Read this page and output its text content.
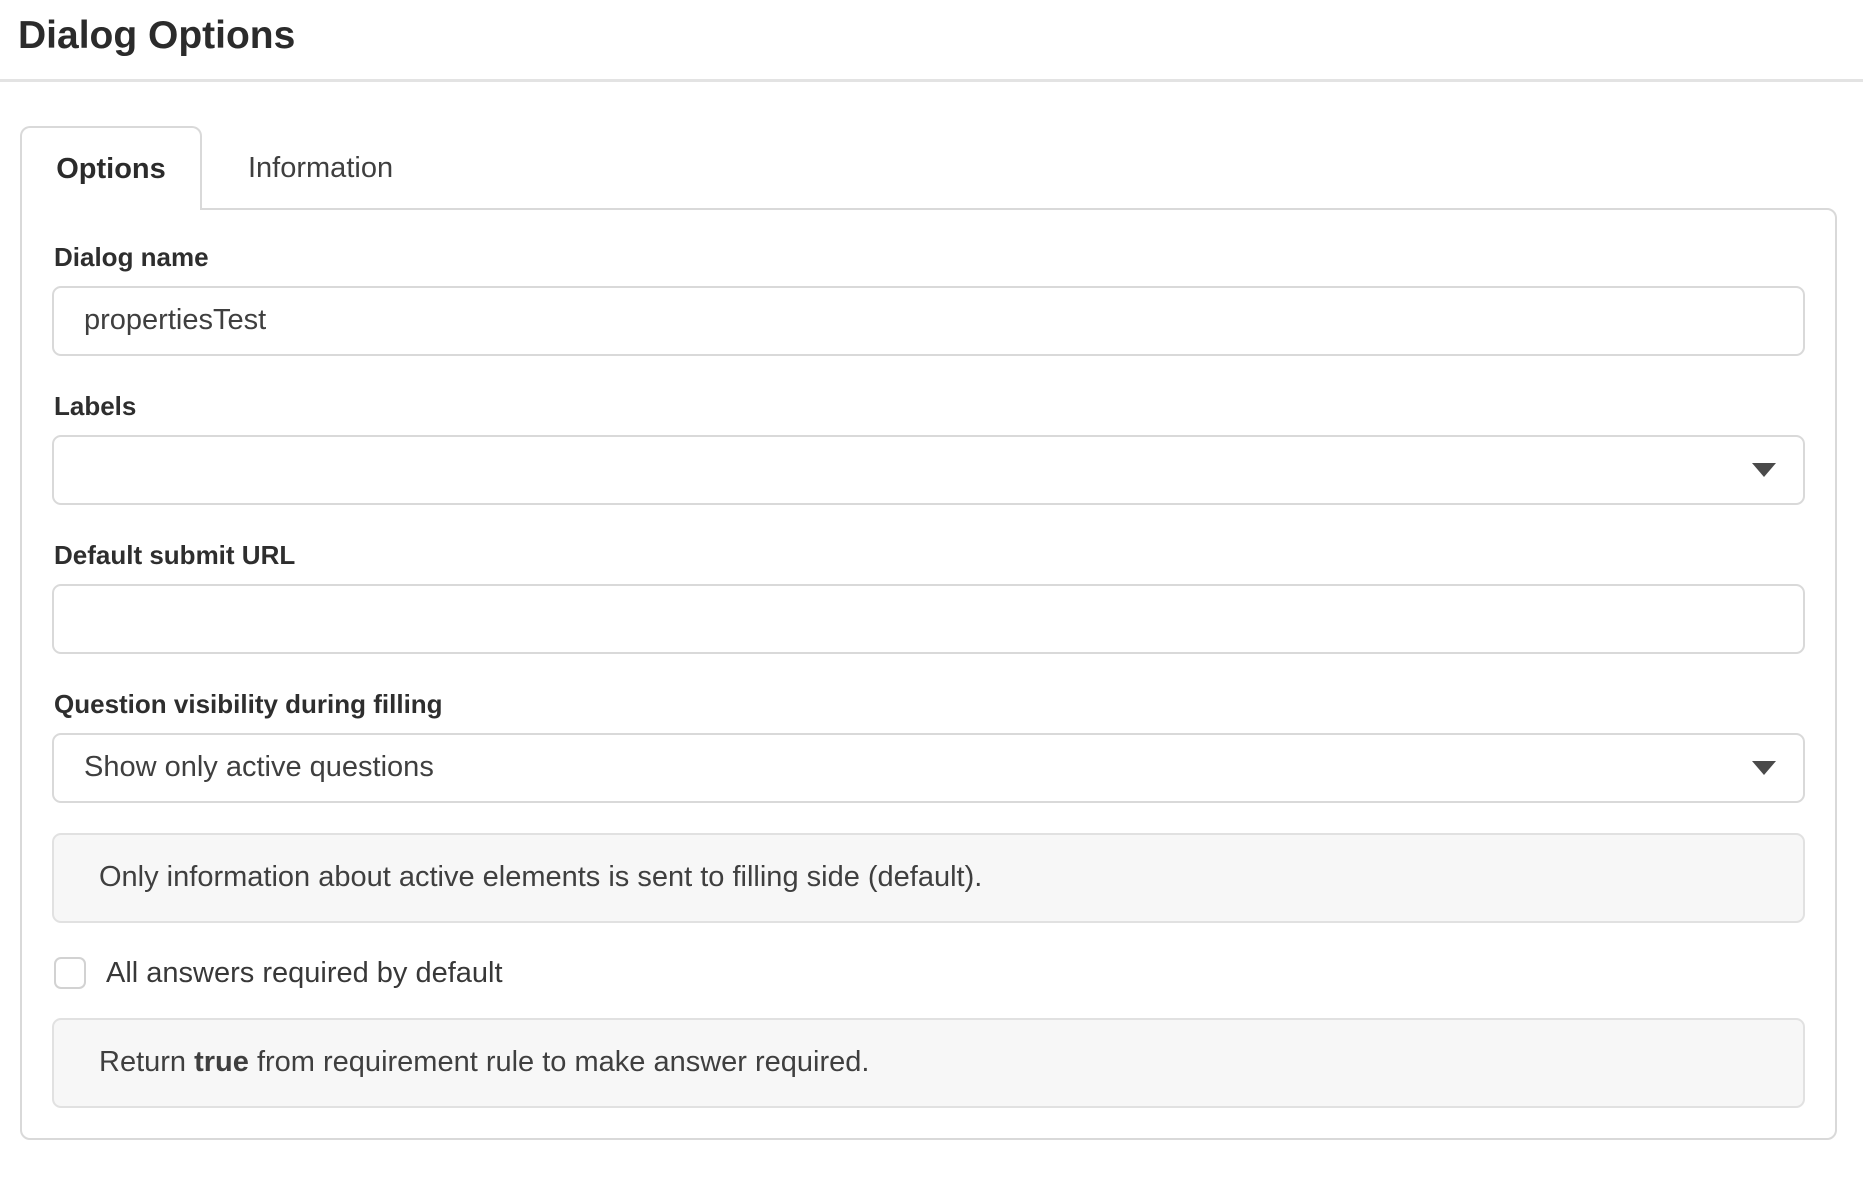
Dialog Options
Options	Information
Dialog name
propertiesTest
Labels
Default submit URL
Question visibility during filling
Show only active questions
Only information about active elements is sent to filling side (default).
All answers required by default
Return true from requirement rule to make answer required.
